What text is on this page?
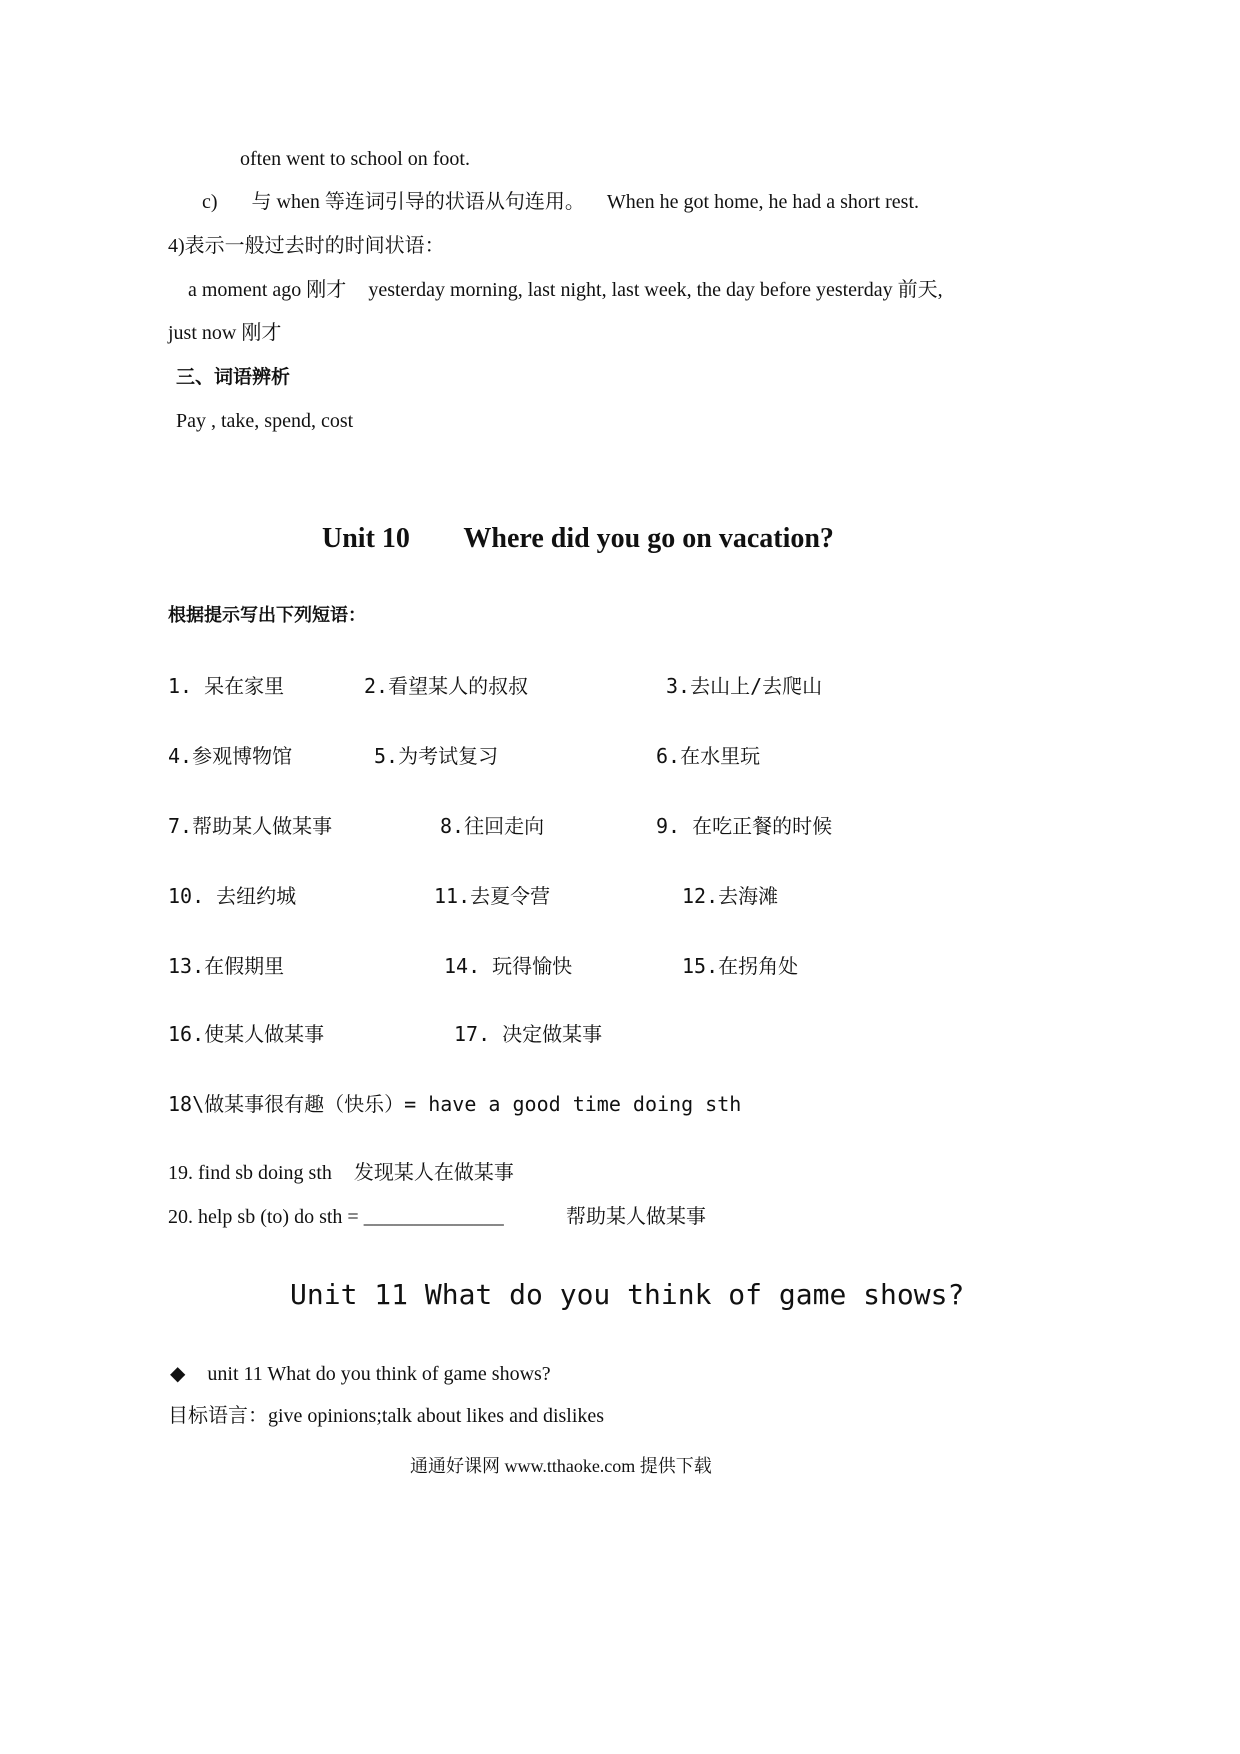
often went to school on foot.
c) 与 when 等连词引导的状语从句连用。 When he got home, he had a short rest.
4)表示一般过去时的时间状语：
a moment ago 刚才 yesterday morning, last night, last week, the day before yesterday 前天,
just now 刚才
三、词语辨析
Pay , take, spend, cost
Unit 10 Where did you go on vacation?
根据提示写出下列短语：
1. 呆在家里	2.看望某人的叔叔	3.去山上/去爬山
4.参观博物馆	5.为考试复习	6.在水里玩
7.帮助某人做某事	8.往回走向	9. 在吃正餐的时候
10. 去纽约城	11.去夏令营	12.去海滩
13.在假期里	14. 玩得愉快	15.在拐角处
16.使某人做某事	17. 决定做某事
18\做某事很有趣（快乐）= have a good time doing sth
19. find sb doing sth 发现某人在做某事
20. help sb (to) do sth = ______________	帮助某人做某事
Unit 11 What do you think of game shows?
◆ unit 11 What do you think of game shows?
目标语言：give opinions;talk about likes and dislikes
通通好课网 www.tthaoke.com 提供下载
